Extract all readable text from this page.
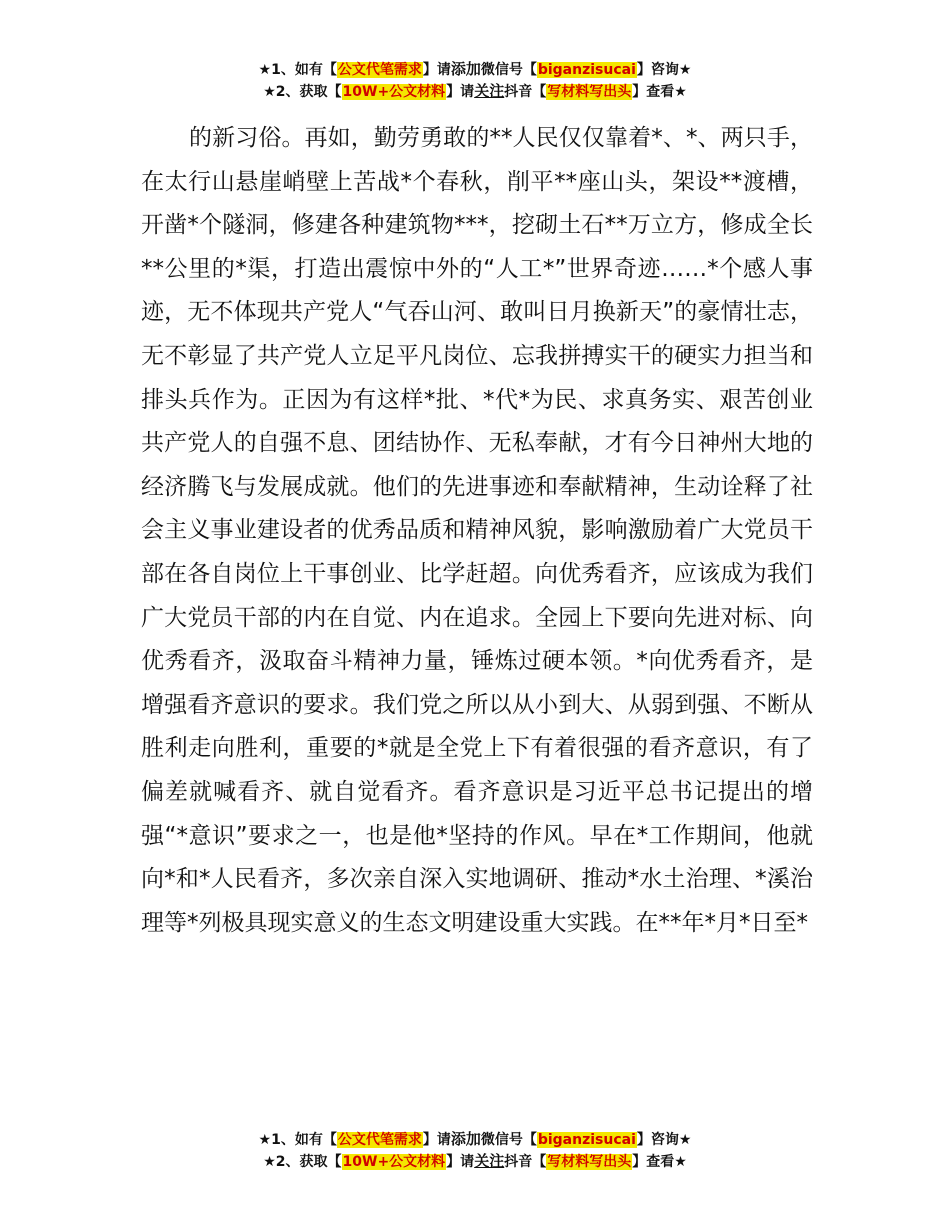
★1、如有【公文代笔需求】请添加微信号【biganzisucai】咨询★
★2、获取【10W+公文材料】请关注抖音【写材料写出头】查看★

的新习俗。再如，勤劳勇敢的**人民仅仅靠着*、*、两只手，在太行山悬崖峭壁上苦战*个春秋，削平**座山头，架设**渡槽，开凿*个隧洞，修建各种建筑物***，挖砌土石**万立方，修成全长**公里的*渠，打造出震惊中外的“人工*”世界奇迹……*个感人事迹，无不体现共产党人“气吞山河、敢叫日月换新天”的豪情壮志，无不彰显了共产党人立足平凡岗位、忘我拼搏实干的硬实力担当和排头兵作为。正因为有这样*批、*代*为民、求真务实、艰苦创业共产党人的自强不息、团结协作、无私奉献，才有今日神州大地的经济腾飞与发展成就。他们的先进事迹和奉献精神，生动诠释了社会主义事业建设者的优秀品质和精神风貌，影响激励着广大党员干部在各自岗位上干事创业、比学赶超。向优秀看齐，应该成为我们广大党员干部的内在自觉、内在追求。全园上下要向先进对标、向优秀看齐，汲取奋斗精神力量，锤炼过硬本领。*向优秀看齐，是增强看齐意识的要求。我们党之所以从小到大、从弱到强、不断从胜利走向胜利，重要的*就是全党上下有着很强的看齐意识，有了偏差就喊看齐、就自觉看齐。看齐意识是习近平总书记提出的增强“*意识”要求之一，也是他*坚持的作风。早在*工作期间，他就向*和*人民看齐，多次亲自深入实地调研、推动*水土治理、*溪治理等*列极具现实意义的生态文明建设重大实践。在**年*月*日至*

★1、如有【公文代笔需求】请添加微信号【biganzisucai】咨询★
★2、获取【10W+公文材料】请关注抖音【写材料写出头】查看★
